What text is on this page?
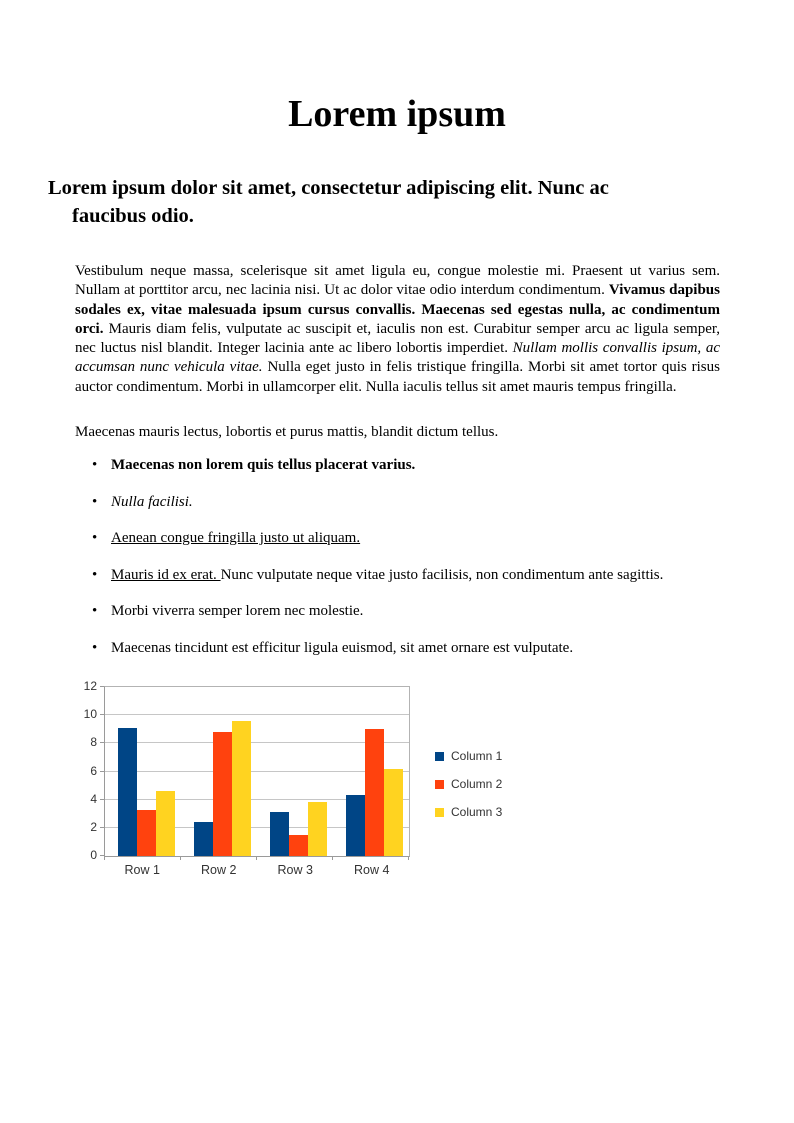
Lorem ipsum
Lorem ipsum dolor sit amet, consectetur adipiscing elit. Nunc ac
faucibus odio.

Vestibulum neque massa, scelerisque sit amet ligula eu, congue molestie mi. Praesent ut varius sem. Nullam at porttitor arcu, nec lacinia nisi. Ut ac dolor vitae odio interdum condimentum. Vivamus dapibus sodales ex, vitae malesuada ipsum cursus convallis. Maecenas sed egestas nulla, ac condimentum orci. Mauris diam felis, vulputate ac suscipit et, iaculis non est. Curabitur semper arcu ac ligula semper, nec luctus nisl blandit. Integer lacinia ante ac libero lobortis imperdiet. Nullam mollis convallis ipsum, ac accumsan nunc vehicula vitae. Nulla eget justo in felis tristique fringilla. Morbi sit amet tortor quis risus auctor condimentum. Morbi in ullamcorper elit. Nulla iaculis tellus sit amet mauris tempus fringilla.

Maecenas mauris lectus, lobortis et purus mattis, blandit dictum tellus.

• Maecenas non lorem quis tellus placerat varius.
• Nulla facilisi.
• Aenean congue fringilla justo ut aliquam.
• Mauris id ex erat. Nunc vulputate neque vitae justo facilisis, non condimentum ante sagittis.
• Morbi viverra semper lorem nec molestie.
• Maecenas tincidunt est efficitur ligula euismod, sit amet ornare est vulputate.
Row 1	Row 2	Row 3	Row 4
Column 1
Column 2
Column 3
0
2
4
6
8
10
12
